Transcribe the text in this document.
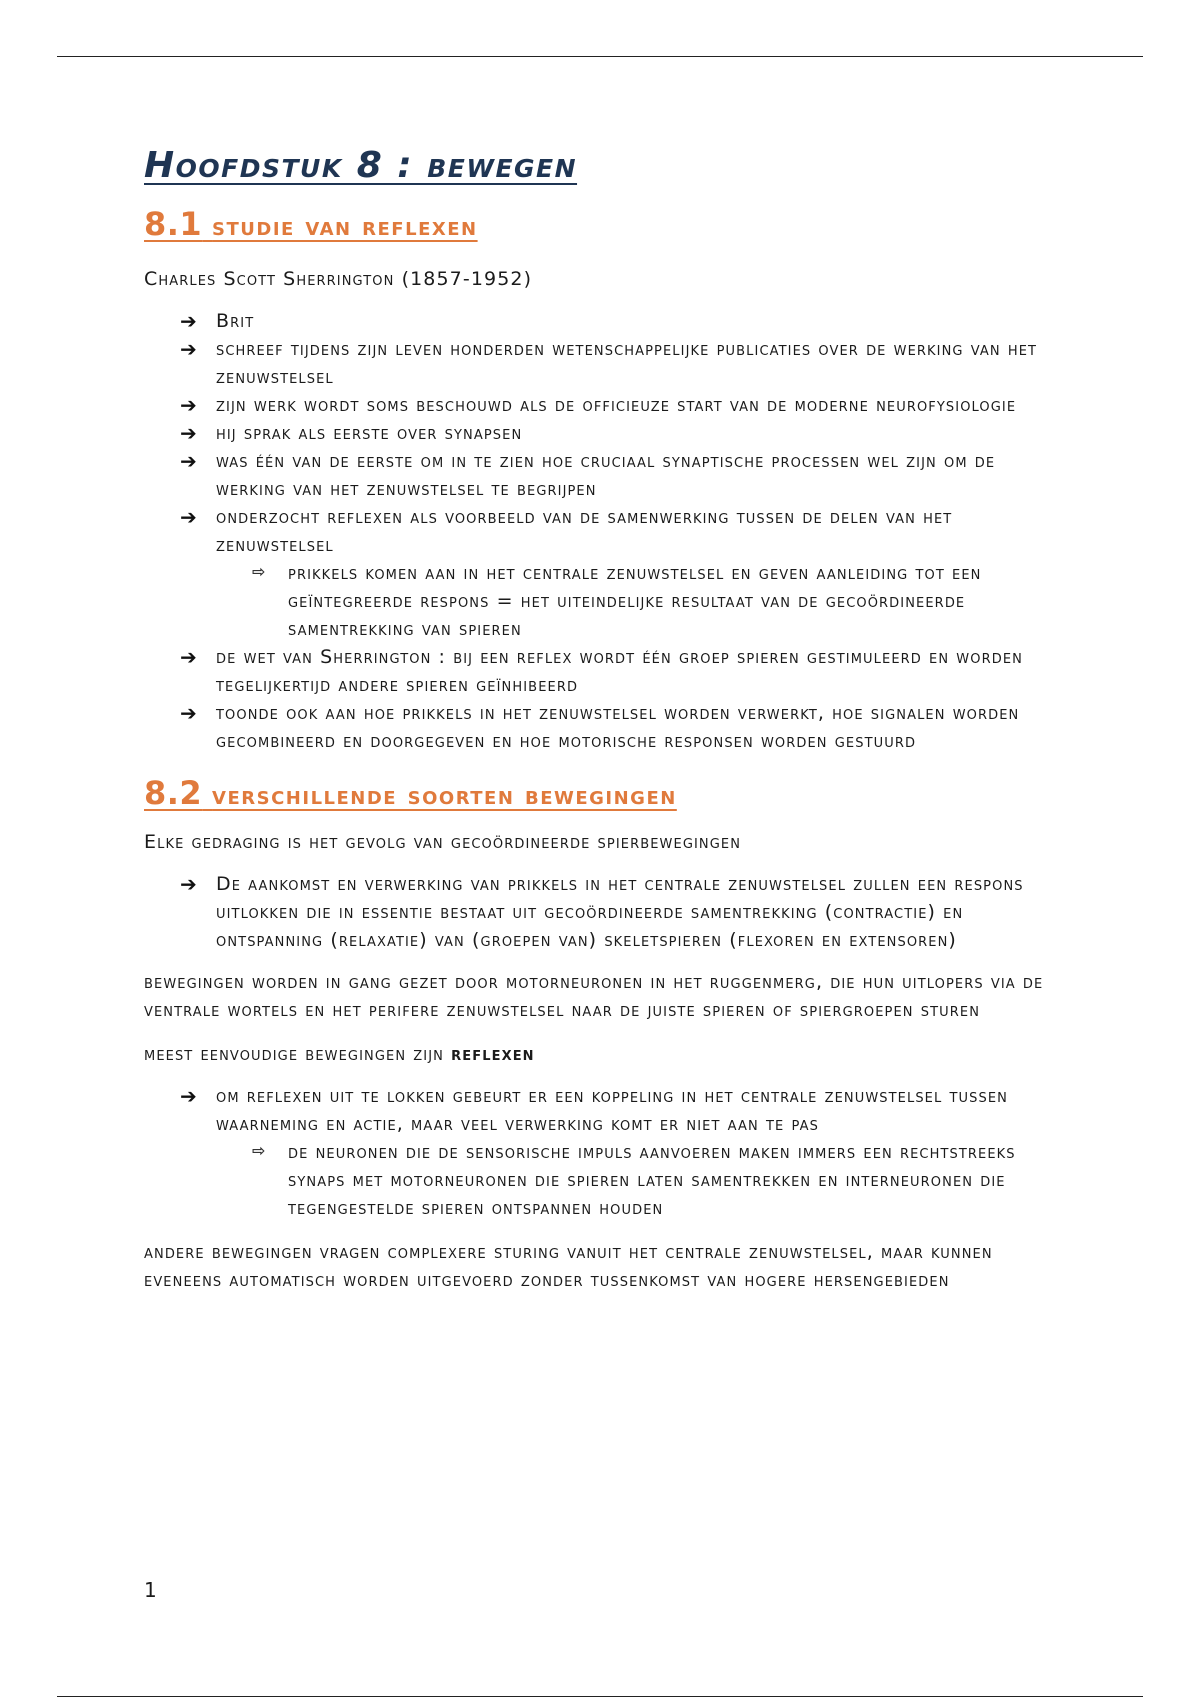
Hoofdstuk 8 : bewegen
8.1 studie van reflexen

Charles Scott Sherrington (1857-1952)

➔ Brit
➔ schreef tijdens zijn leven honderden wetenschappelijke publicaties over de werking van het zenuwstelsel
➔ zijn werk wordt soms beschouwd als de officieuze start van de moderne neurofysiologie
➔ hij sprak als eerste over synapsen
➔ was één van de eerste om in te zien hoe cruciaal synaptische processen wel zijn om de werking van het zenuwstelsel te begrijpen
➔ onderzocht reflexen als voorbeeld van de samenwerking tussen de delen van het zenuwstelsel
⇨ prikkels komen aan in het centrale zenuwstelsel en geven aanleiding tot een geïntegreerde respons = het uiteindelijke resultaat van de gecoördineerde samentrekking van spieren
➔ de wet van Sherrington : bij een reflex wordt één groep spieren gestimuleerd en worden tegelijkertijd andere spieren geïnhibeerd
➔ toonde ook aan hoe prikkels in het zenuwstelsel worden verwerkt, hoe signalen worden gecombineerd en doorgegeven en hoe motorische responsen worden gestuurd
8.2 verschillende soorten bewegingen

Elke gedraging is het gevolg van gecoördineerde spierbewegingen

➔ De aankomst en verwerking van prikkels in het centrale zenuwstelsel zullen een respons uitlokken die in essentie bestaat uit gecoördineerde samentrekking (contractie) en ontspanning (relaxatie) van (groepen van) skeletspieren (flexoren en extensoren)

bewegingen worden in gang gezet door motorneuronen in het ruggenmerg, die hun uitlopers via de ventrale wortels en het perifere zenuwstelsel naar de juiste spieren of spiergroepen sturen

meest eenvoudige bewegingen zijn reflexen

➔ om reflexen uit te lokken gebeurt er een koppeling in het centrale zenuwstelsel tussen waarneming en actie, maar veel verwerking komt er niet aan te pas
⇨ de neuronen die de sensorische impuls aanvoeren maken immers een rechtstreeks synaps met motorneuronen die spieren laten samentrekken en interneuronen die tegengestelde spieren ontspannen houden

andere bewegingen vragen complexere sturing vanuit het centrale zenuwstelsel, maar kunnen eveneens automatisch worden uitgevoerd zonder tussenkomst van hogere hersengebieden

1
